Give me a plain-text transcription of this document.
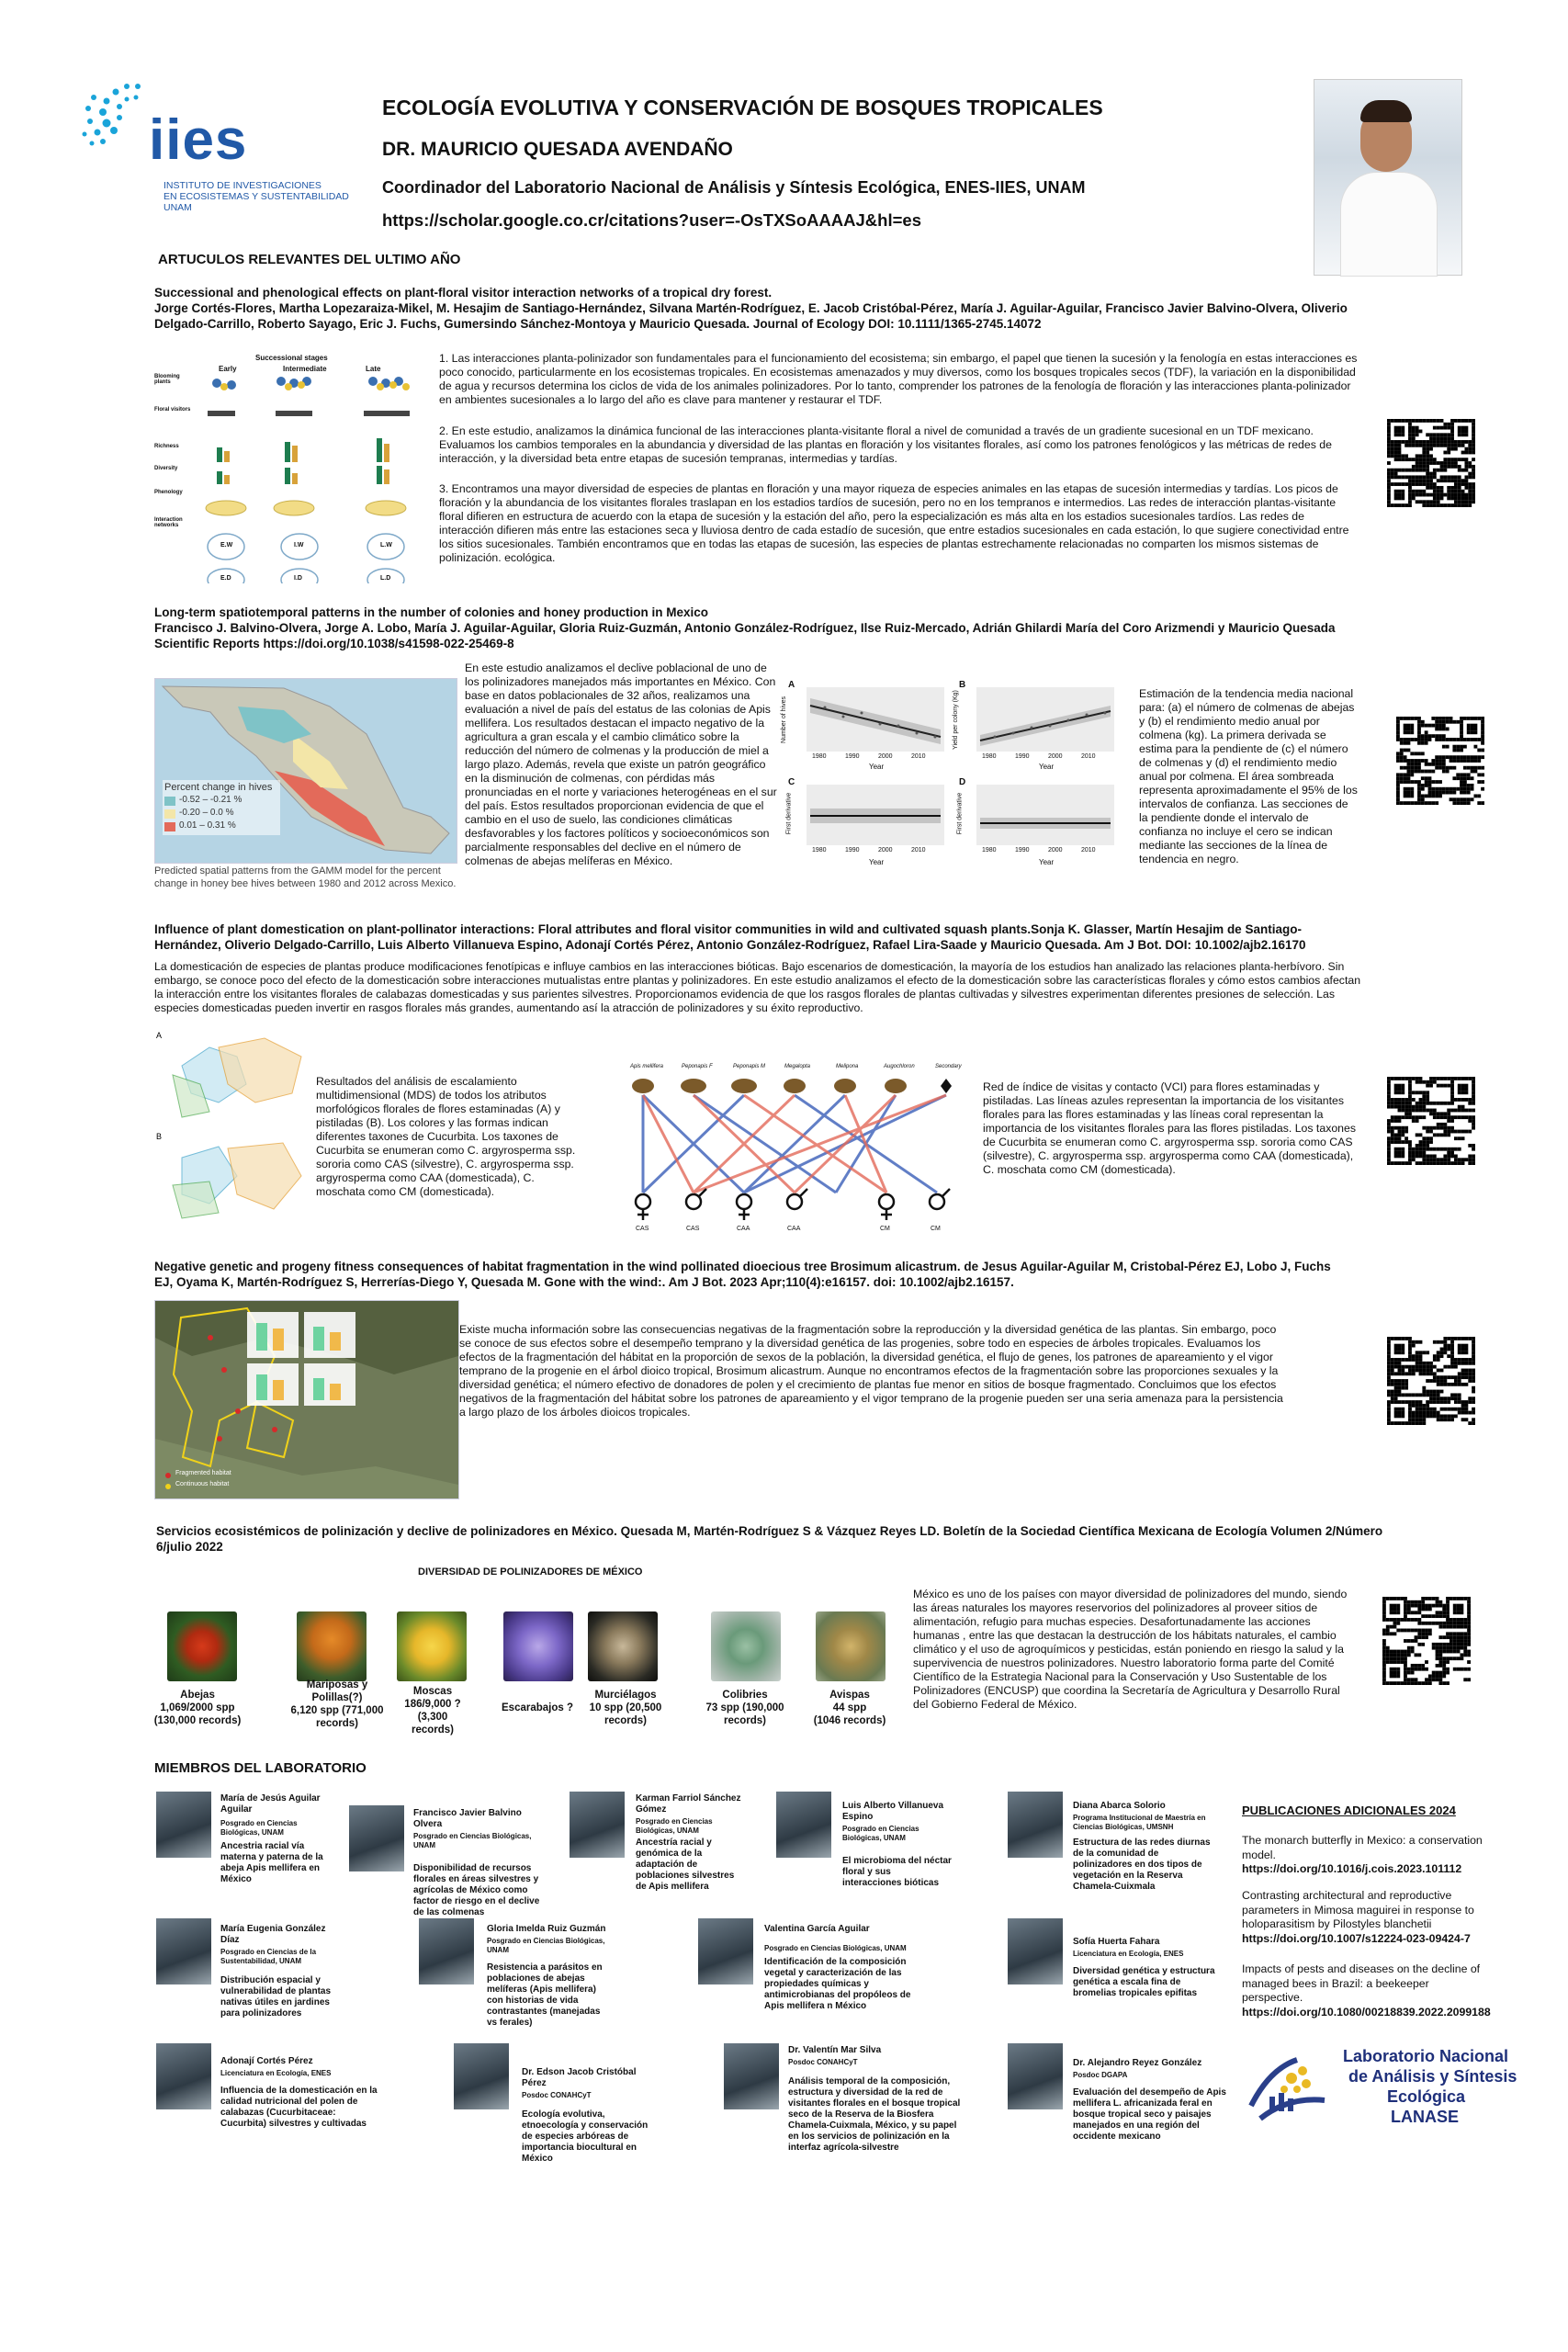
iies
INSTITUTO DE INVESTIGACIONES
EN ECOSISTEMAS Y SUSTENTABILIDAD
UNAM
ECOLOGÍA EVOLUTIVA Y CONSERVACIÓN DE BOSQUES TROPICALES
DR. MAURICIO QUESADA AVENDAÑO
Coordinador del Laboratorio Nacional de Análisis y Síntesis Ecológica, ENES-IIES, UNAM
https://scholar.google.co.cr/citations?user=-OsTXSoAAAAJ&hl=es
ARTUCULOS RELEVANTES DEL ULTIMO AÑO
Successional and phenological effects on plant-floral visitor interaction networks of a tropical dry forest.
Jorge Cortés-Flores, Martha Lopezaraiza-Mikel, M. Hesajim de Santiago-Hernández, Silvana Martén-Rodríguez, E. Jacob Cristóbal-Pérez, María J. Aguilar-Aguilar, Francisco Javier Balvino-Olvera, Oliverio Delgado-Carrillo, Roberto Sayago, Eric J. Fuchs, Gumersindo Sánchez-Montoya y Mauricio Quesada. Journal of Ecology DOI: 10.1111/1365-2745.14072
Successional stages
Early	Intermediate	Late
Blooming plants
Floral visitors
Richness
Diversity
Phenology
Interaction networks
E.W	I.W	L.W
E.D	I.D	L.D
1. Las interacciones planta-polinizador son fundamentales para el funcionamiento del ecosistema; sin embargo, el papel que tienen la sucesión y la fenología en estas interacciones es poco conocido, particularmente en los ecosistemas tropicales. En ecosistemas amenazados y muy diversos, como los bosques tropicales secos (TDF), la variación en la disponibilidad de agua y recursos determina los ciclos de vida de los animales polinizadores. Por lo tanto, comprender los patrones de la fenología de floración y las interacciones planta-polinizador en ambientes sucesionales a lo largo del año es clave para mantener y restaurar el TDF.
2. En este estudio, analizamos la dinámica funcional de las interacciones planta-visitante floral a nivel de comunidad a través de un gradiente sucesional en un TDF mexicano. Evaluamos los cambios temporales en la abundancia y diversidad de las plantas en floración y los visitantes florales, así como los patrones fenológicos y las métricas de redes de interacción, y la diversidad beta entre etapas de sucesión tempranas, intermedias y tardías.
3. Encontramos una mayor diversidad de especies de plantas en floración y una mayor riqueza de especies animales en las etapas de sucesión intermedias y tardías. Los picos de floración y la abundancia de los visitantes florales traslapan en los estadios tardíos de sucesión, pero no en los tempranos e intermedios. Las redes de interacción plantas-visitante floral difieren en estructura de acuerdo con la etapa de sucesión y la estación del año, pero la especialización es más alta en los estadios sucesionales tardíos. Las redes de interacción difieren más entre las estaciones seca y lluviosa dentro de cada estadío de sucesión, que entre estadios sucesionales en cada estación, lo que sugiere conectividad entre los sitios sucesionales. También encontramos que en todas las etapas de sucesión, las especies de plantas estrechamente relacionadas no comparten los mismos sistemas de polinización. ecológica.
Long-term spatiotemporal patterns in the number of colonies and honey production in Mexico
Francisco J. Balvino-Olvera, Jorge A. Lobo, María J. Aguilar-Aguilar, Gloria Ruiz-Guzmán, Antonio González-Rodríguez, Ilse Ruiz-Mercado, Adrián Ghilardi María del Coro Arizmendi y Mauricio Quesada Scientific Reports https://doi.org/10.1038/s41598-022-25469-8
Percent change in hives
-0.52 – -0.21 %
-0.20 – 0.0 %
0.01 – 0.31 %
Predicted spatial patterns from the GAMM model for the percent change in honey bee hives between 1980 and 2012 across Mexico.
En este estudio analizamos el declive poblacional de uno de los polinizadores manejados más importantes en México. Con base en datos poblacionales de 32 años, realizamos una evaluación a nivel de país del estatus de las colonias de Apis mellifera. Los resultados destacan el impacto negativo de la agricultura a gran escala y el cambio climático sobre la reducción del número de colmenas y la producción de miel a largo plazo. Además, revela que existe un patrón geográfico en la disminución de colmenas, con pérdidas más pronunciadas en el norte y variaciones heterogéneas en el sur del país. Estos resultados proporcionan evidencia de que el cambio en el uso de suelo, las condiciones climáticas desfavorables y los factores políticos y socioeconómicos son parcialmente responsables del declive en el número de colmenas de abejas melíferas en México.
A	B
C	D
1980	1990	2000	2010
Year
1980	1990	2000	2010
Year
1980	1990	2000	2010
Year
1980	1990	2000	2010
Year
Number of hives	Yield per colony (Kg)
First derivative	First derivative
Estimación de la tendencia media nacional para: (a) el número de colmenas de abejas y (b) el rendimiento medio anual por colmena (kg). La primera derivada se estima para la pendiente de (c) el número de colmenas y (d) el rendimiento medio anual por colmena. El área sombreada representa aproximadamente el 95% de los intervalos de confianza. Las secciones de la pendiente donde el intervalo de confianza no incluye el cero se indican mediante las secciones de la línea de tendencia en negro.
Influence of plant domestication on plant-pollinator interactions: Floral attributes and floral visitor communities in wild and cultivated squash plants.Sonja K. Glasser, Martín Hesajim de Santiago-Hernández, Oliverio Delgado-Carrillo, Luis Alberto Villanueva Espino, Adonají Cortés Pérez, Antonio González-Rodríguez, Rafael Lira-Saade y Mauricio Quesada. Am J Bot. DOI: 10.1002/ajb2.16170
La domesticación de especies de plantas produce modificaciones fenotípicas e influye cambios en las interacciones bióticas. Bajo escenarios de domesticación, la mayoría de los estudios han analizado las relaciones planta-herbívoro. Sin embargo, se conoce poco del efecto de la domesticación sobre interacciones mutualistas entre plantas y polinizadores. En este estudio analizamos el efecto de la domesticación sobre las características florales y cómo estos cambios afectan la interacción entre los visitantes florales de calabazas domesticadas y sus parientes silvestres. Proporcionamos evidencia de que los rasgos florales de plantas cultivadas y silvestres experimentan diferentes presiones de selección. Las especies domesticadas pueden invertir en rasgos florales más grandes, aumentando así la atracción de polinizadores y su éxito reproductivo.
A
B
Resultados del análisis de escalamiento multidimensional (MDS) de todos los atributos morfológicos florales de flores estaminadas (A) y pistiladas (B). Los colores y las formas indican diferentes taxones de Cucurbita. Los taxones de Cucurbita se enumeran como C. argyrosperma ssp. sororia como CAS (silvestre), C. argyrosperma ssp. argyrosperma como CAA (domesticada), C. moschata como CM (domesticada).
Apis mellifera	Peponapis F	Peponapis M	Megalopta	Melipona	Augochloron	Secondary
CAS	CAS	CAA	CAA	CM	CM
Red de índice de visitas y contacto (VCI) para flores estaminadas y pistiladas. Las líneas azules representan la importancia de los visitantes florales para las flores estaminadas y las líneas coral representan la importancia de los visitantes florales para las flores pistiladas. Los taxones de Cucurbita se enumeran como C. argyrosperma ssp. sororia como CAS (silvestre), C. argyrosperma ssp. argyrosperma como CAA (domesticada), C. moschata como CM (domesticada).
Negative genetic and progeny fitness consequences of habitat fragmentation in the wind pollinated dioecious tree Brosimum alicastrum. de Jesus Aguilar-Aguilar M, Cristobal-Pérez EJ, Lobo J, Fuchs EJ, Oyama K, Martén-Rodríguez S, Herrerías-Diego Y, Quesada M. Gone with the wind:. Am J Bot. 2023 Apr;110(4):e16157. doi: 10.1002/ajb2.16157.
Fragmented habitat
Continuous habitat
Existe mucha información sobre las consecuencias negativas de la fragmentación sobre la reproducción y la diversidad genética de las plantas. Sin embargo, poco se conoce de sus efectos sobre el desempeño temprano y la diversidad genética de las progenies, sobre todo en especies de árboles tropicales. Evaluamos los efectos de la fragmentación del hábitat en la proporción de sexos de la población, la diversidad genética, el flujo de genes, los patrones de apareamiento y el vigor temprano de la progenie en el árbol dioico tropical, Brosimum alicastrum. Aunque no encontramos efectos de la fragmentación sobre las proporciones sexuales y la diversidad genética; el número efectivo de donadores de polen y el crecimiento de plantas fue menor en sitios de bosque fragmentado. Concluimos que los efectos negativos de la fragmentación del hábitat sobre los patrones de apareamiento y el vigor temprano de la progenie pueden ser una seria amenaza para la persistencia a largo plazo de los árboles dioicos tropicales.
Servicios ecosistémicos de polinización y declive de polinizadores en México. Quesada M, Martén-Rodríguez S & Vázquez Reyes LD. Boletín de la Sociedad Científica Mexicana de Ecología Volumen 2/Número 6/julio 2022
DIVERSIDAD DE POLINIZADORES DE MÉXICO
Abejas
1,069/2000 spp
(130,000 records)
Mariposas y
Polillas(?)
6,120 spp (771,000
records)
Moscas
186/9,000 ?
(3,300
records)
Escarabajos ?
Murciélagos
10 spp (20,500
records)
Colibries
73 spp (190,000
records)
Avispas
44 spp
(1046 records)
México es uno de los países con mayor diversidad de polinizadores del mundo, siendo las áreas naturales los mayores reservorios del polinizadores al proveer sitios de alimentación, refugio para muchas especies. Desafortunadamente las acciones humanas , entre las que destacan la destrucción de los hábitats naturales, el cambio climático y el uso de agroquímicos y pesticidas, están poniendo en riesgo la salud y la supervivencia de nuestros polinizadores. Nuestro laboratorio forma parte del Comité Científico de la Estrategia Nacional para la Conservación y Uso Sustentable de los Polinizadores (ENCUSP) que coordina la Secretaría de Agricultura y Desarrollo Rural del Gobierno Federal de México.
MIEMBROS DEL LABORATORIO
María de Jesús Aguilar Aguilar
Posgrado en Ciencias Biológicas, UNAM
Ancestria racial vía materna y paterna de la abeja Apis mellifera en México
Francisco Javier Balvino Olvera
Posgrado en Ciencias Biológicas, UNAM
Disponibilidad de recursos florales en áreas silvestres y agrícolas de México como factor de riesgo en el declive de las colmenas
Karman Farriol Sánchez Gómez
Posgrado en Ciencias Biológicas, UNAM
Ancestría racial y genómica de la adaptación de poblaciones silvestres de Apis mellifera
Luis Alberto Villanueva Espino
Posgrado en Ciencias Biológicas, UNAM
El microbioma del néctar floral y sus interacciones bióticas
Diana Abarca Solorio
Programa Institucional de Maestría en Ciencias Biológicas, UMSNH
Estructura de las redes diurnas de la comunidad de polinizadores en dos tipos de vegetación en la Reserva Chamela-Cuixmala
María Eugenia González Díaz
Posgrado en Ciencias de la Sustentabilidad, UNAM
Distribución espacial y vulnerabilidad de plantas nativas útiles en jardines para polinizadores
Gloria Imelda Ruiz Guzmán
Posgrado en Ciencias Biológicas, UNAM
Resistencia a parásitos en poblaciones de abejas melíferas (Apis mellifera) con historias de vida contrastantes (manejadas vs ferales)
Valentina García Aguilar
Posgrado en Ciencias Biológicas, UNAM
Identificación de la composición vegetal y caracterización de las propiedades químicas y antimicrobianas del propóleos de Apis mellifera n México
Sofía Huerta Fahara
Licenciatura en Ecología, ENES
Diversidad genética y estructura genética a escala fina de bromelias tropicales epifitas
Adonají Cortés Pérez
Licenciatura en Ecología, ENES
Influencia de la domesticación en la calidad nutricional del polen de calabazas (Cucurbitaceae: Cucurbita) silvestres y cultivadas
Dr. Edson Jacob Cristóbal Pérez
Posdoc CONAHCyT
Ecología evolutiva, etnoecología y conservación de especies arbóreas de importancia biocultural en México
Dr. Valentín Mar Silva
Posdoc CONAHCyT
Análisis temporal de la composición, estructura y diversidad de la red de visitantes florales en el bosque tropical seco de la Reserva de la Biosfera Chamela-Cuixmala, México, y su papel en los servicios de polinización en la interfaz agrícola-silvestre
Dr. Alejandro Reyez González
Posdoc DGAPA
Evaluación del desempeño de Apis mellifera L. africanizada feral en bosque tropical seco y paisajes manejados en una región del occidente mexicano
PUBLICACIONES ADICIONALES 2024
The monarch butterfly in Mexico: a conservation model.
https://doi.org/10.1016/j.cois.2023.101112
Contrasting architectural and reproductive parameters in Mimosa maguirei in response to holoparasitism by Pilostyles blanchetii
https://doi.org/10.1007/s12224-023-09424-7
Impacts of pests and diseases on the decline of managed bees in Brazil: a beekeeper perspective.
https://doi.org/10.1080/00218839.2022.2099188
Laboratorio Nacional
de Análisis y Síntesis
Ecológica
LANASE
